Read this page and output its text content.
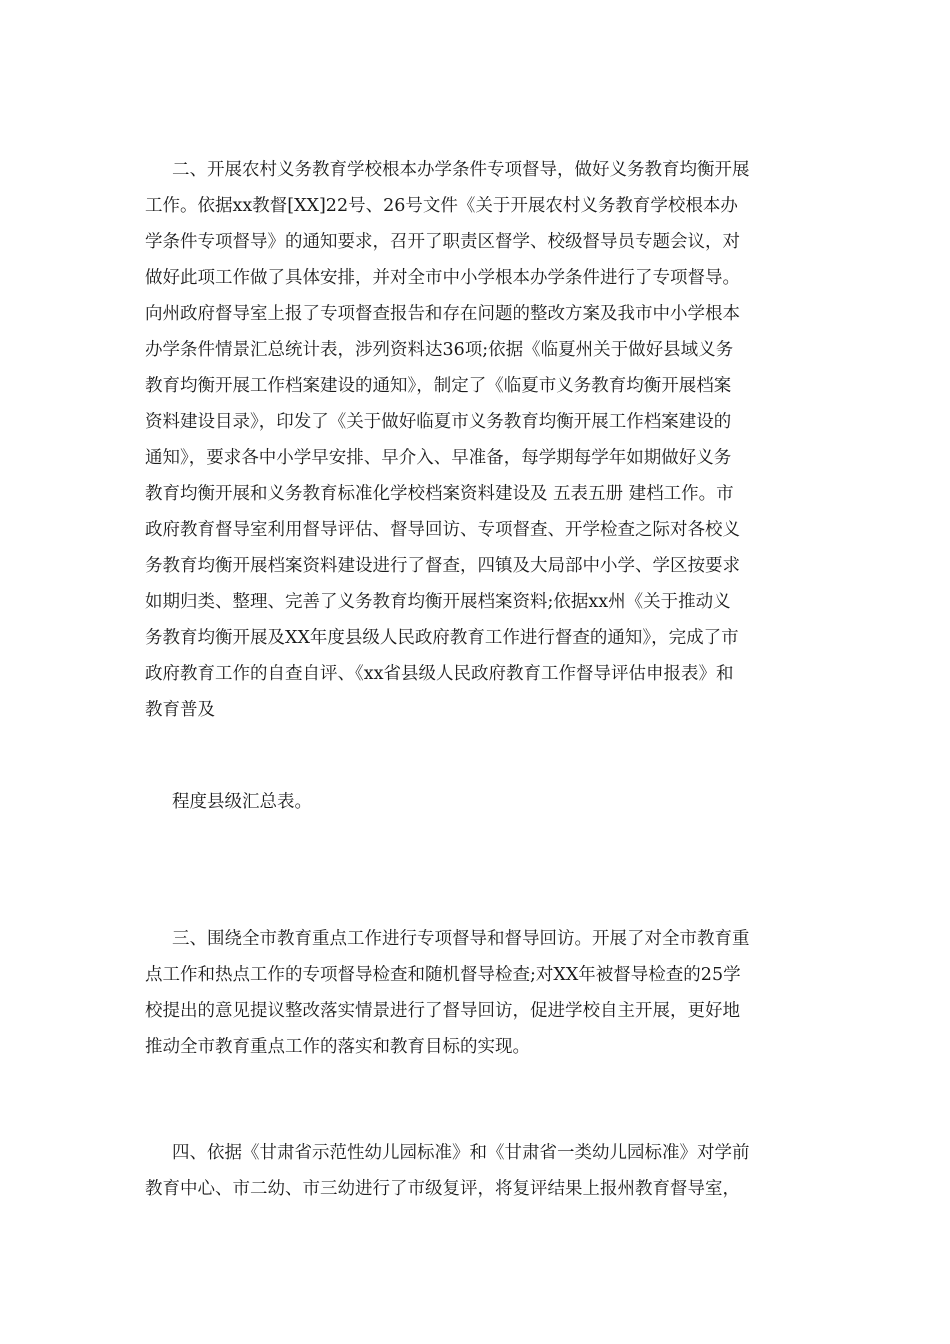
二、开展农村义务教育学校根本办学条件专项督导，做好义务教育均衡开展
工作。依据xx教督[XX]22号、26号文件《关于开展农村义务教育学校根本办
学条件专项督导》的通知要求，召开了职责区督学、校级督导员专题会议，对
做好此项工作做了具体安排，并对全市中小学根本办学条件进行了专项督导。
向州政府督导室上报了专项督查报告和存在问题的整改方案及我市中小学根本
办学条件情景汇总统计表，涉列资料达36项;依据《临夏州关于做好县域义务
教育均衡开展工作档案建设的通知》，制定了《临夏市义务教育均衡开展档案
资料建设目录》，印发了《关于做好临夏市义务教育均衡开展工作档案建设的
通知》，要求各中小学早安排、早介入、早准备，每学期每学年如期做好义务
教育均衡开展和义务教育标准化学校档案资料建设及 五表五册 建档工作。市
政府教育督导室利用督导评估、督导回访、专项督查、开学检查之际对各校义
务教育均衡开展档案资料建设进行了督查，四镇及大局部中小学、学区按要求
如期归类、整理、完善了义务教育均衡开展档案资料;依据xx州《关于推动义
务教育均衡开展及XX年度县级人民政府教育工作进行督查的通知》，完成了市
政府教育工作的自查自评、《xx省县级人民政府教育工作督导评估申报表》和
教育普及
程度县级汇总表。
三、围绕全市教育重点工作进行专项督导和督导回访。开展了对全市教育重
点工作和热点工作的专项督导检查和随机督导检查;对XX年被督导检查的25学
校提出的意见提议整改落实情景进行了督导回访，促进学校自主开展，更好地
推动全市教育重点工作的落实和教育目标的实现。
四、依据《甘肃省示范性幼儿园标准》和《甘肃省一类幼儿园标准》对学前
教育中心、市二幼、市三幼进行了市级复评，将复评结果上报州教育督导室，
